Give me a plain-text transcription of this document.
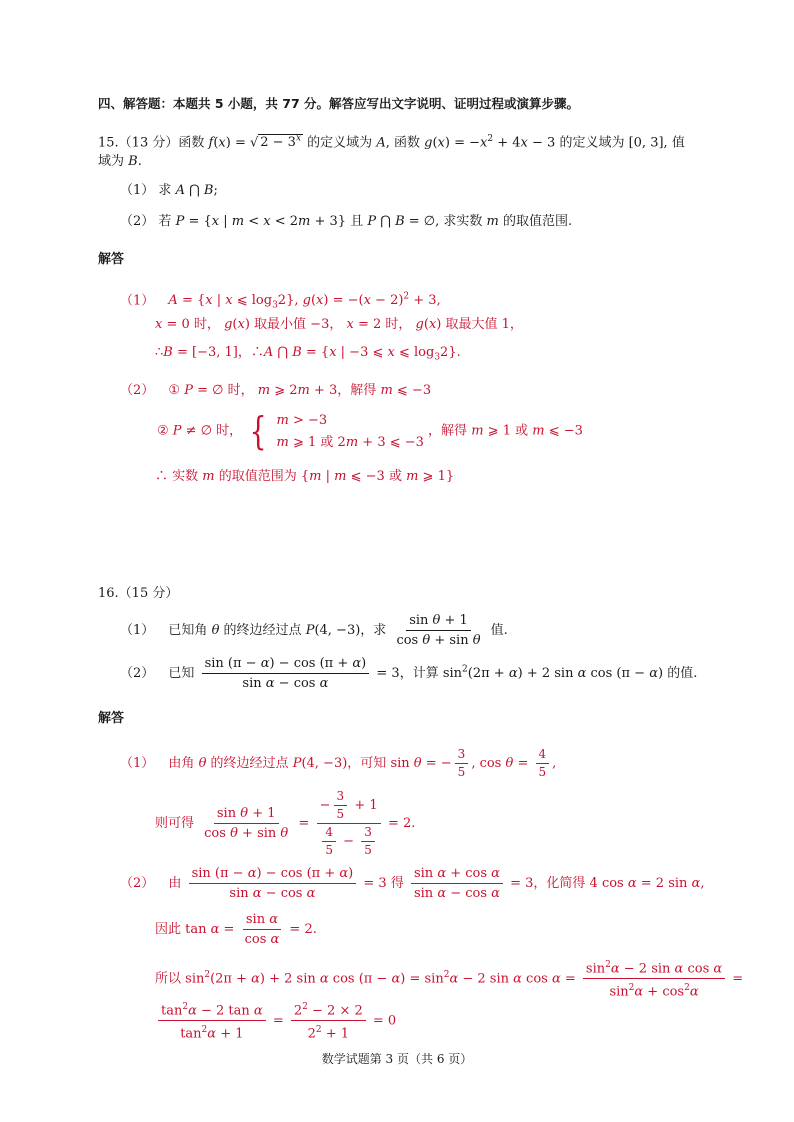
四、解答题：本题共 5 小题，共 77 分。解答应写出文字说明、证明过程或演算步骤。
15.（13 分）函数 f(x) = √ $2 - 3^x$ 的定义域为 A, 函数 $g(x) = -x^2 + 4x - 3$ 的定义域为 [0, 3], 值
域为 B.
（1） 求 A ⋂ B;
（2） 若 P = {x | m < x < 2m + 3} 且 P ⋂ B = ∅, 求实数 m 的取值范围.
解答
（1） A = {x | x ⩽ $\log_32$}, $g(x) = -(x - 2)^2 + 3$,
x = 0 时， g(x) 取最小值 −3， x = 2 时， g(x) 取最大值 1，
∴B = [−3, 1]，∴A ⋂ B = {x | −3 ⩽ x ⩽ $\log_32$}.
（2） ① P = ∅ 时， m ⩾ 2m + 3，解得 m ⩽ −3
② P ≠ ∅ 时， { m > −3
m ⩾ 1 或 2m + 3 ⩽ −3
，解得 m ⩾ 1 或 m ⩽ −3
∴ 实数 m 的取值范围为 {m | m ⩽ −3 或 m ⩾ 1}
16.（15 分）
（1） 已知角 θ 的终边经过点 P(4, −3)，求 $\frac{\text{sin θ + 1}}{\text{cos θ + sin θ}}$ 值.
（2） 已知 $\frac{\sin (\pi - \alpha) - \cos (\pi + \alpha)}{\text{sin α − cos α}} = 3$，计算 $\sin^2(2\pi + \alpha) + 2$ sin α cos (π − α) 的值.
解答
（1） 由角 θ 的终边经过点 P(4, −3)，可知 sin θ = − $\frac{3}{5}$ , $\cos \theta = \frac{4}{5}$ ,
则可得 $\frac{\text{sin θ + 1}}{\text{cos θ + sin θ}} = \frac{- \frac{3}{5} + 1}{\frac{4}{5} - \frac{3}{5}} = 2$.
（2） 由 $\frac{\sin (\pi - \alpha) - \cos (\pi + \alpha)}{\text{sin α − cos α}} = 3$ 得 $\frac{\text{sin α + cos α}}{\text{sin α − cos α}} = 3$，化简得 4 cos α = 2 sin α,
因此 $\tan \alpha = \frac{\text{sin α}}{\text{cos α}} = 2$.
所以 $\sin^2(2\pi + \alpha) + 2$ sin α $\cos (\pi - \alpha) = \sin^2\alpha - 2$ sin α $\cos \alpha = \frac{\sin^2\alpha - 2 \sin \alpha \cos \alpha}{\sin^2\alpha + \cos^2\alpha}$ =
$\frac{\tan^2\alpha - 2 \tan \alpha}{\tan^2\alpha + 1} = \frac{2^2 - 2 \times 2}{2^2 + 1} = 0$
数学试题第 3 页（共 6 页）
